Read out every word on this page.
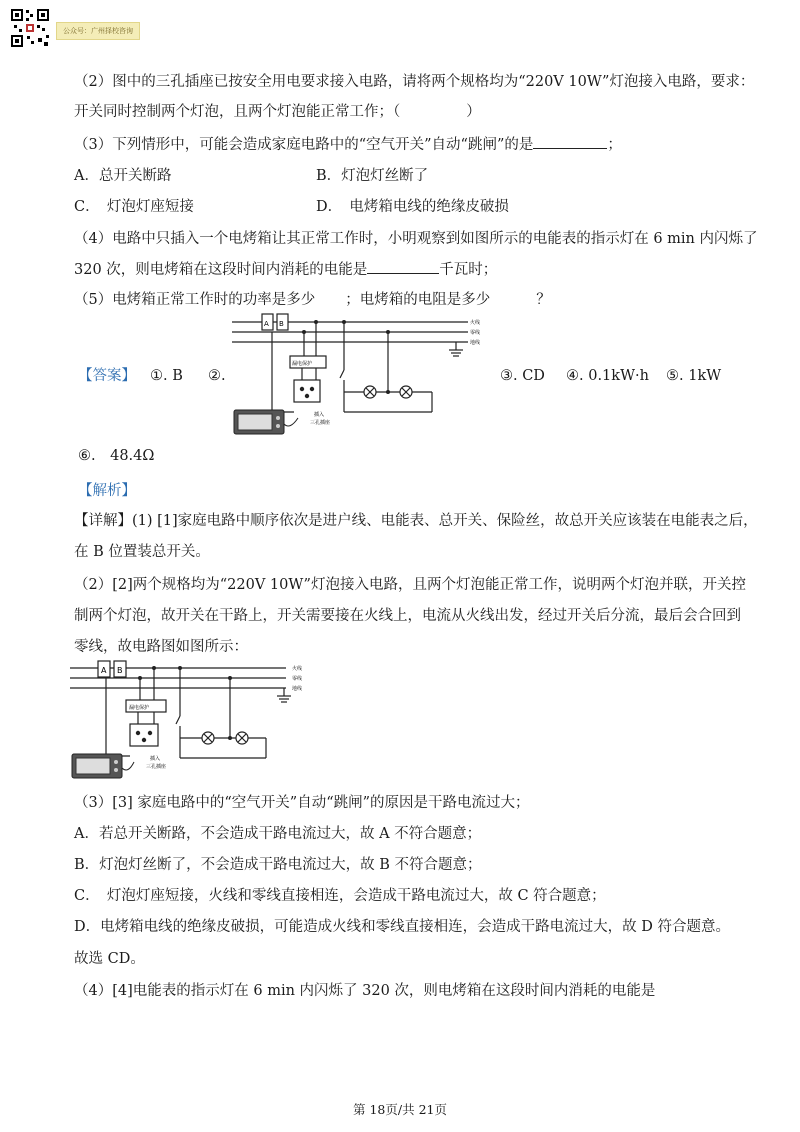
公众号：广州择校咨询
（2）图中的三孔插座已按安全用电要求接入电路，请将两个规格均为“220V 10W”灯泡接入电路，要求：
开关同时控制两个灯泡，且两个灯泡能正常工作；（	）
（3）下列情形中，可能会造成家庭电路中的“空气开关”自动“跳闸”的是	；
A．总开关断路	B．灯泡灯丝断了
C．　灯泡灯座短接	D．　电烤箱电线的绝缘皮破损
（4）电路中只插入一个电烤箱让其正常工作时，小明观察到如图所示的电能表的指示灯在 6 min 内闪烁了
320 次，则电烤箱在这段时间内消耗的电能是	千瓦时；
（5）电烤箱正常工作时的功率是多少 ；电烤箱的电阻是多少	？
【答案】 ①. B ②.	③. CD ④. 0.1kW·h ⑤. 1kW
A B	火线
零线
地线
漏电保护
插入
三孔插座
⑥.　48.4Ω
【解析】
【详解】(1) [1]家庭电路中顺序依次是进户线、电能表、总开关、保险丝，故总开关应该装在电能表之后，
在 B 位置装总开关。
（2）[2]两个规格均为“220V 10W”灯泡接入电路，且两个灯泡能正常工作，说明两个灯泡并联，开关控
制两个灯泡，故开关在干路上，开关需要接在火线上，电流从火线出发，经过开关后分流，最后会合回到
零线，故电路图如图所示：
A B	火线
零线
地线
漏电保护
插入
三孔插座
（3）[3] 家庭电路中的“空气开关”自动“跳闸”的原因是干路电流过大；
A．若总开关断路，不会造成干路电流过大，故 A 不符合题意；
B．灯泡灯丝断了，不会造成干路电流过大，故 B 不符合题意；
C．　灯泡灯座短接，火线和零线直接相连，会造成干路电流过大，故 C 符合题意；
D．电烤箱电线的绝缘皮破损，可能造成火线和零线直接相连，会造成干路电流过大，故 D 符合题意。
故选 CD。
（4）[4]电能表的指示灯在 6 min 内闪烁了 320 次，则电烤箱在这段时间内消耗的电能是
第 18页/共 21页
